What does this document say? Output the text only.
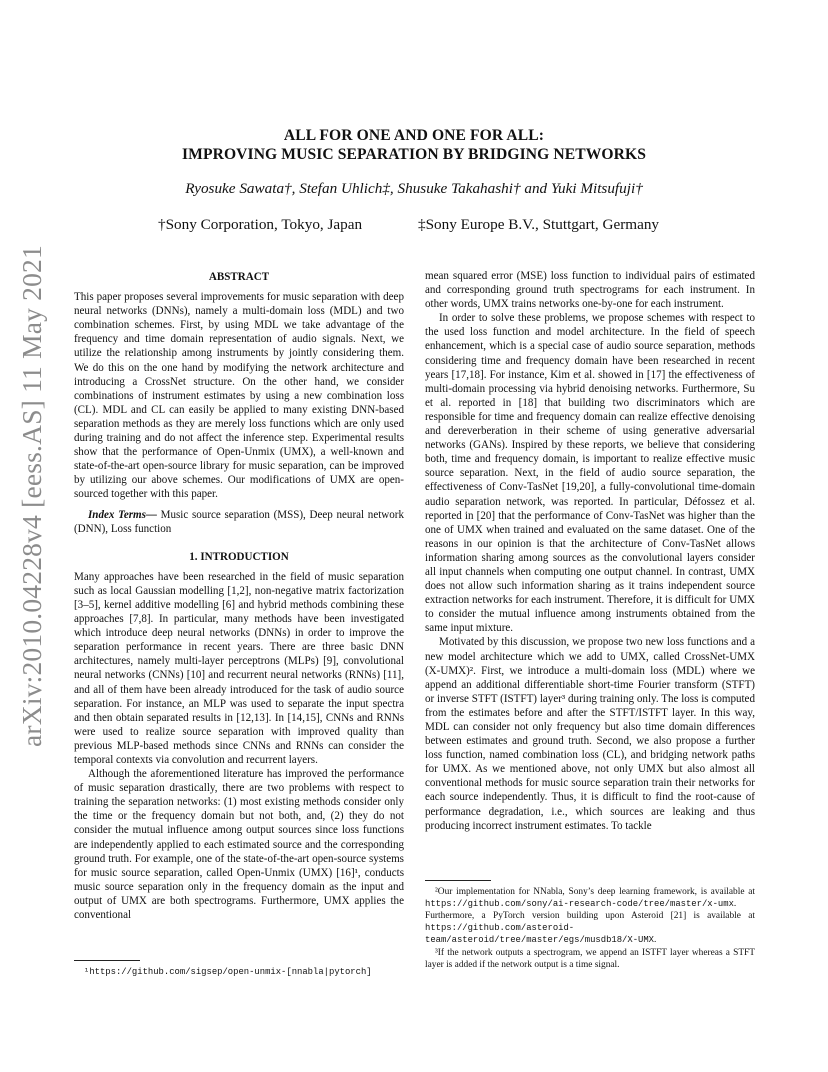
arXiv:2010.04228v4 [eess.AS] 11 May 2021
ALL FOR ONE AND ONE FOR ALL:
IMPROVING MUSIC SEPARATION BY BRIDGING NETWORKS
Ryosuke Sawata†, Stefan Uhlich‡, Shusuke Takahashi† and Yuki Mitsufuji†
†Sony Corporation, Tokyo, Japan	‡Sony Europe B.V., Stuttgart, Germany
ABSTRACT

This paper proposes several improvements for music separation with deep neural networks (DNNs), namely a multi-domain loss (MDL) and two combination schemes. First, by using MDL we take advantage of the frequency and time domain representation of audio signals. Next, we utilize the relationship among instruments by jointly considering them. We do this on the one hand by modifying the network architecture and introducing a CrossNet structure. On the other hand, we consider combinations of instrument estimates by using a new combination loss (CL). MDL and CL can easily be applied to many existing DNN-based separation methods as they are merely loss functions which are only used during training and do not affect the inference step. Experimental results show that the performance of Open-Unmix (UMX), a well-known and state-of-the-art open-source library for music separation, can be improved by utilizing our above schemes. Our modifications of UMX are open-sourced together with this paper.

Index Terms— Music source separation (MSS), Deep neural network (DNN), Loss function

1. INTRODUCTION

Many approaches have been researched in the field of music separation such as local Gaussian modelling [1,2], non-negative matrix factorization [3–5], kernel additive modelling [6] and hybrid methods combining these approaches [7,8]. In particular, many methods have been investigated which introduce deep neural networks (DNNs) in order to improve the separation performance in recent years. There are three basic DNN architectures, namely multi-layer perceptrons (MLPs) [9], convolutional neural networks (CNNs) [10] and recurrent neural networks (RNNs) [11], and all of them have been already introduced for the task of audio source separation. For instance, an MLP was used to separate the input spectra and then obtain separated results in [12,13]. In [14,15], CNNs and RNNs were used to realize source separation with improved quality than previous MLP-based methods since CNNs and RNNs can consider the temporal contexts via convolution and recurrent layers.

Although the aforementioned literature has improved the performance of music separation drastically, there are two problems with respect to training the separation networks: (1) most existing methods consider only the time or the frequency domain but not both, and, (2) they do not consider the mutual influence among output sources since loss functions are independently applied to each estimated source and the corresponding ground truth. For example, one of the state-of-the-art open-source systems for music source separation, called Open-Unmix (UMX) [16]¹, conducts music source separation only in the frequency domain as the input and output of UMX are both spectrograms. Furthermore, UMX applies the conventional

mean squared error (MSE) loss function to individual pairs of estimated and corresponding ground truth spectrograms for each instrument. In other words, UMX trains networks one-by-one for each instrument.

In order to solve these problems, we propose schemes with respect to the used loss function and model architecture. In the field of speech enhancement, which is a special case of audio source separation, methods considering time and frequency domain have been researched in recent years [17,18]. For instance, Kim et al. showed in [17] the effectiveness of multi-domain processing via hybrid denoising networks. Furthermore, Su et al. reported in [18] that building two discriminators which are responsible for time and frequency domain can realize effective denoising and dereverberation in their scheme of using generative adversarial networks (GANs). Inspired by these reports, we believe that considering both, time and frequency domain, is important to realize effective music source separation. Next, in the field of audio source separation, the effectiveness of Conv-TasNet [19,20], a fully-convolutional time-domain audio separation network, was reported. In particular, Défossez et al. reported in [20] that the performance of Conv-TasNet was higher than the one of UMX when trained and evaluated on the same dataset. One of the reasons in our opinion is that the architecture of Conv-TasNet allows information sharing among sources as the convolutional layers consider all input channels when computing one output channel. In contrast, UMX does not allow such information sharing as it trains independent source extraction networks for each instrument. Therefore, it is difficult for UMX to consider the mutual influence among instruments obtained from the same input mixture.

Motivated by this discussion, we propose two new loss functions and a new model architecture which we add to UMX, called CrossNet-UMX (X-UMX)². First, we introduce a multi-domain loss (MDL) where we append an additional differentiable short-time Fourier transform (STFT) or inverse STFT (ISTFT) layer³ during training only. The loss is computed from the estimates before and after the STFT/ISTFT layer. In this way, MDL can consider not only frequency but also time domain differences between estimates and ground truth. Second, we also propose a further loss function, named combination loss (CL), and bridging network paths for UMX. As we mentioned above, not only UMX but also almost all conventional methods for music source separation train their networks for each source independently. Thus, it is difficult to find the root-cause of performance degradation, i.e., which sources are leaking and thus producing incorrect instrument estimates. To tackle

¹https://github.com/sigsep/open-unmix-[nnabla|pytorch]

²Our implementation for NNabla, Sony’s deep learning framework, is available at https://github.com/sony/ai-research-code/tree/master/x-umx. Furthermore, a PyTorch version building upon Asteroid [21] is available at https://github.com/asteroid-team/asteroid/tree/master/egs/musdb18/X-UMX.

³If the network outputs a spectrogram, we append an ISTFT layer whereas a STFT layer is added if the network output is a time signal.
